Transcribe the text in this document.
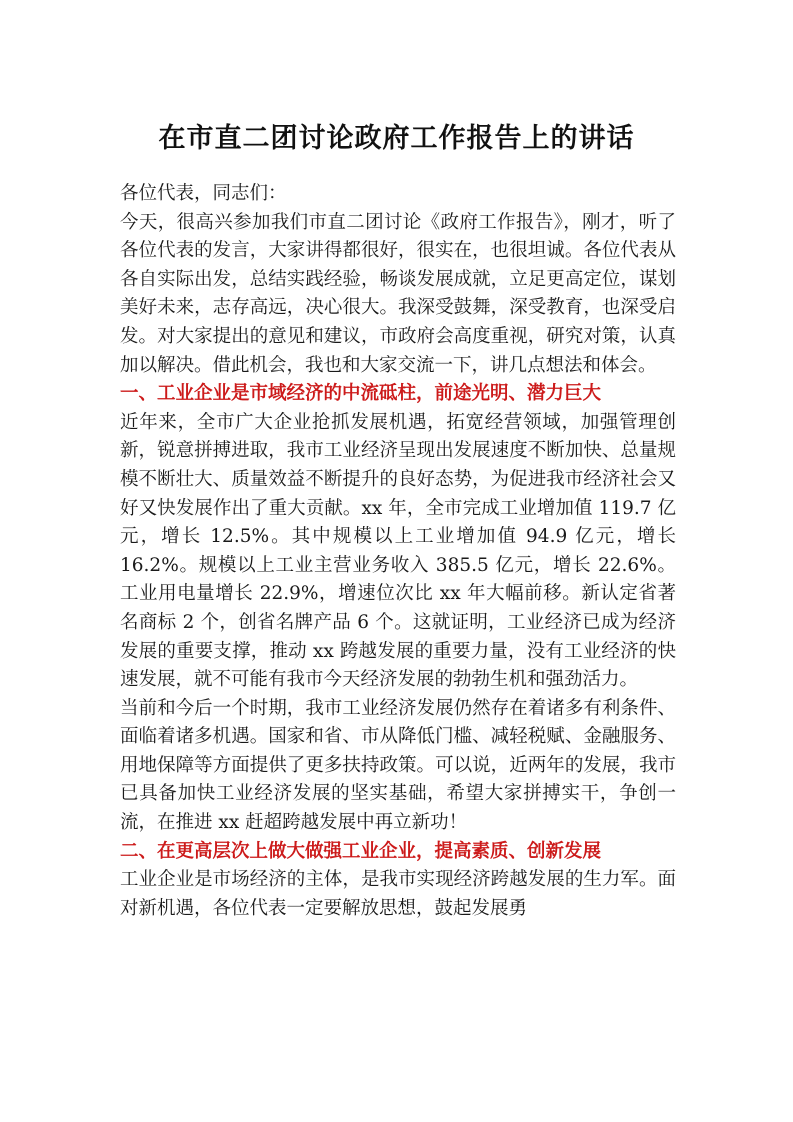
在市直二团讨论政府工作报告上的讲话

各位代表，同志们：

今天，很高兴参加我们市直二团讨论《政府工作报告》，刚才，听了各位代表的发言，大家讲得都很好，很实在，也很坦诚。各位代表从各自实际出发，总结实践经验，畅谈发展成就，立足更高定位，谋划美好未来，志存高远，决心很大。我深受鼓舞，深受教育，也深受启发。对大家提出的意见和建议，市政府会高度重视，研究对策，认真加以解决。借此机会，我也和大家交流一下，讲几点想法和体会。

一、工业企业是市域经济的中流砥柱，前途光明、潜力巨大

近年来，全市广大企业抢抓发展机遇，拓宽经营领域，加强管理创新，锐意拼搏进取，我市工业经济呈现出发展速度不断加快、总量规模不断壮大、质量效益不断提升的良好态势，为促进我市经济社会又好又快发展作出了重大贡献。xx 年，全市完成工业增加值 119.7 亿元，增长 12.5%。其中规模以上工业增加值 94.9 亿元，增长 16.2%。规模以上工业主营业务收入 385.5 亿元，增长 22.6%。工业用电量增长 22.9%，增速位次比 xx 年大幅前移。新认定省著名商标 2 个，创省名牌产品 6 个。这就证明，工业经济已成为经济发展的重要支撑，推动 xx 跨越发展的重要力量，没有工业经济的快速发展，就不可能有我市今天经济发展的勃勃生机和强劲活力。

当前和今后一个时期，我市工业经济发展仍然存在着诸多有利条件、面临着诸多机遇。国家和省、市从降低门槛、减轻税赋、金融服务、用地保障等方面提供了更多扶持政策。可以说，近两年的发展，我市已具备加快工业经济发展的坚实基础，希望大家拼搏实干，争创一流，在推进 xx 赶超跨越发展中再立新功！

二、在更高层次上做大做强工业企业，提高素质、创新发展

工业企业是市场经济的主体，是我市实现经济跨越发展的生力军。面对新机遇，各位代表一定要解放思想，鼓起发展勇
